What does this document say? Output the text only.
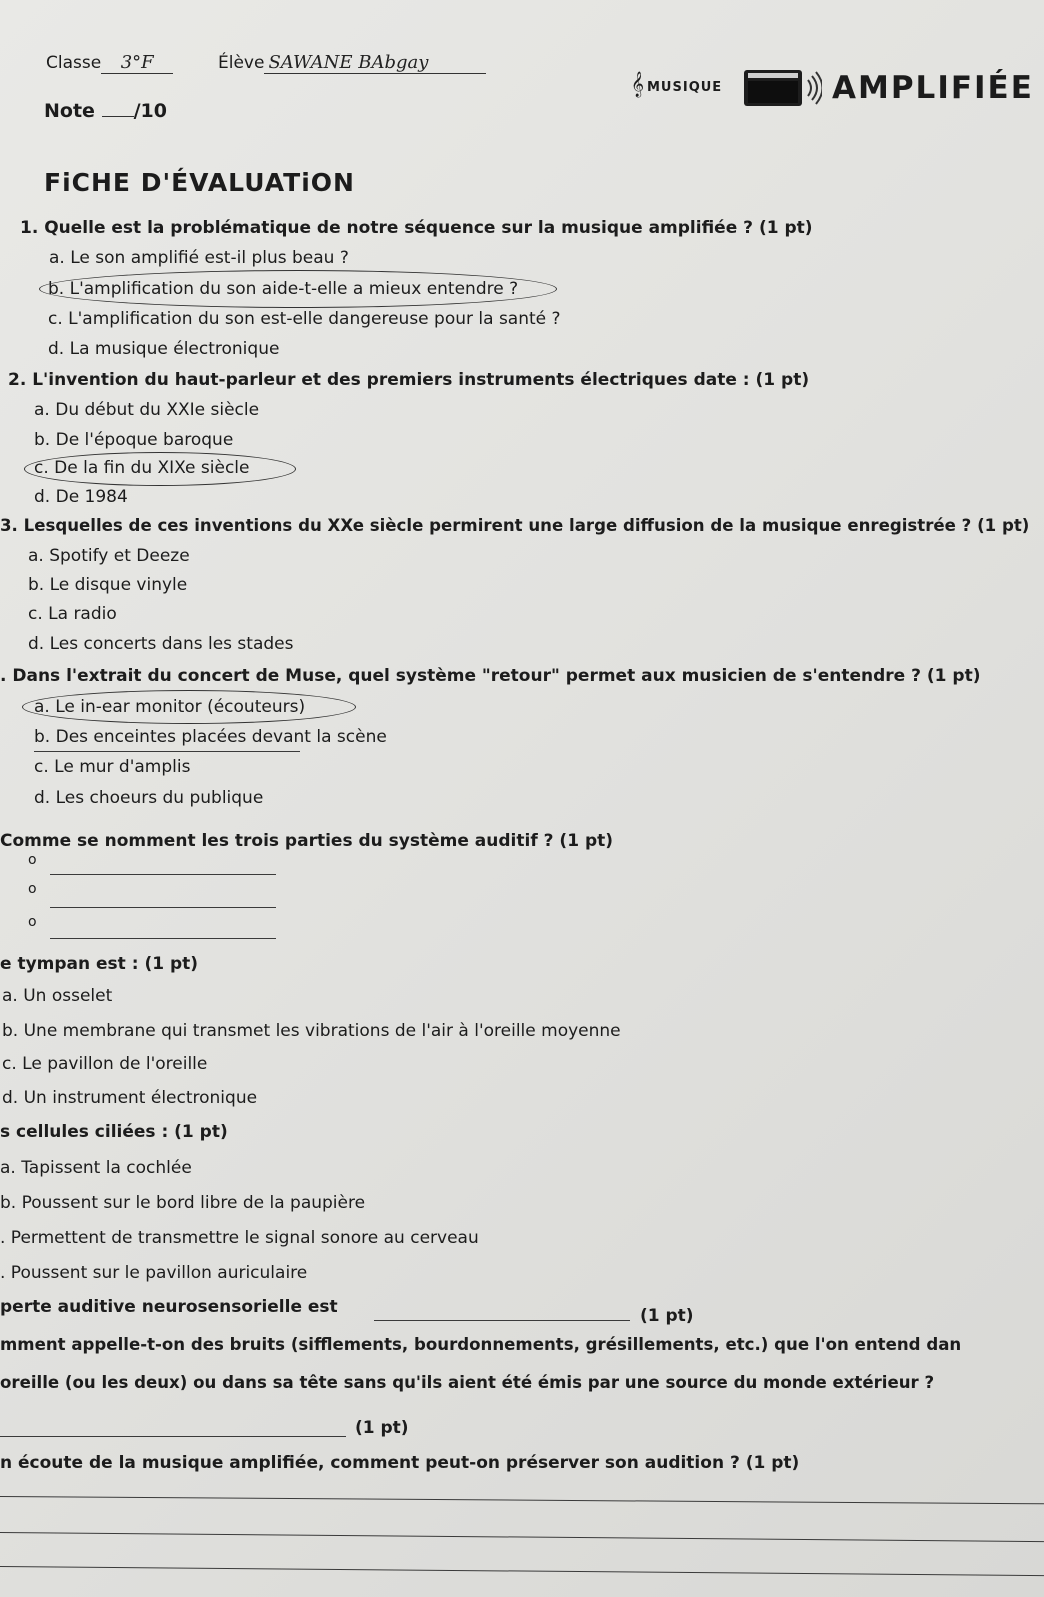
Classe 3°F	Élève SAWANE BAbgay
Note /10
𝄞 MUSIQUE	AMPLIFIÉE
FiCHE D'ÉVALUATiON
1. Quelle est la problématique de notre séquence sur la musique amplifiée ? (1 pt)
a. Le son amplifié est-il plus beau ?
b. L'amplification du son aide-t-elle a mieux entendre ?
c. L'amplification du son est-elle dangereuse pour la santé ?
d. La musique électronique
2. L'invention du haut-parleur et des premiers instruments électriques date : (1 pt)
a. Du début du XXIe siècle
b. De l'époque baroque
c. De la fin du XIXe siècle
d. De 1984
3. Lesquelles de ces inventions du XXe siècle permirent une large diffusion de la musique enregistrée ? (1 pt)
a. Spotify et Deeze
b. Le disque vinyle
c. La radio
d. Les concerts dans les stades
. Dans l'extrait du concert de Muse, quel système "retour" permet aux musicien de s'entendre ? (1 pt)
a. Le in-ear monitor (écouteurs)
b. Des enceintes placées devant la scène
c. Le mur d'amplis
d. Les choeurs du publique
Comme se nomment les trois parties du système auditif ? (1 pt)
o
o
o
e tympan est : (1 pt)
a. Un osselet
b. Une membrane qui transmet les vibrations de l'air à l'oreille moyenne
c. Le pavillon de l'oreille
d. Un instrument électronique
s cellules ciliées : (1 pt)
a. Tapissent la cochlée
b. Poussent sur le bord libre de la paupière
. Permettent de transmettre le signal sonore au cerveau
. Poussent sur le pavillon auriculaire
perte auditive neurosensorielle est	(1 pt)
mment appelle-t-on des bruits (sifflements, bourdonnements, grésillements, etc.) que l'on entend dan
oreille (ou les deux) ou dans sa tête sans qu'ils aient été émis par une source du monde extérieur ?
(1 pt)
n écoute de la musique amplifiée, comment peut-on préserver son audition ? (1 pt)
